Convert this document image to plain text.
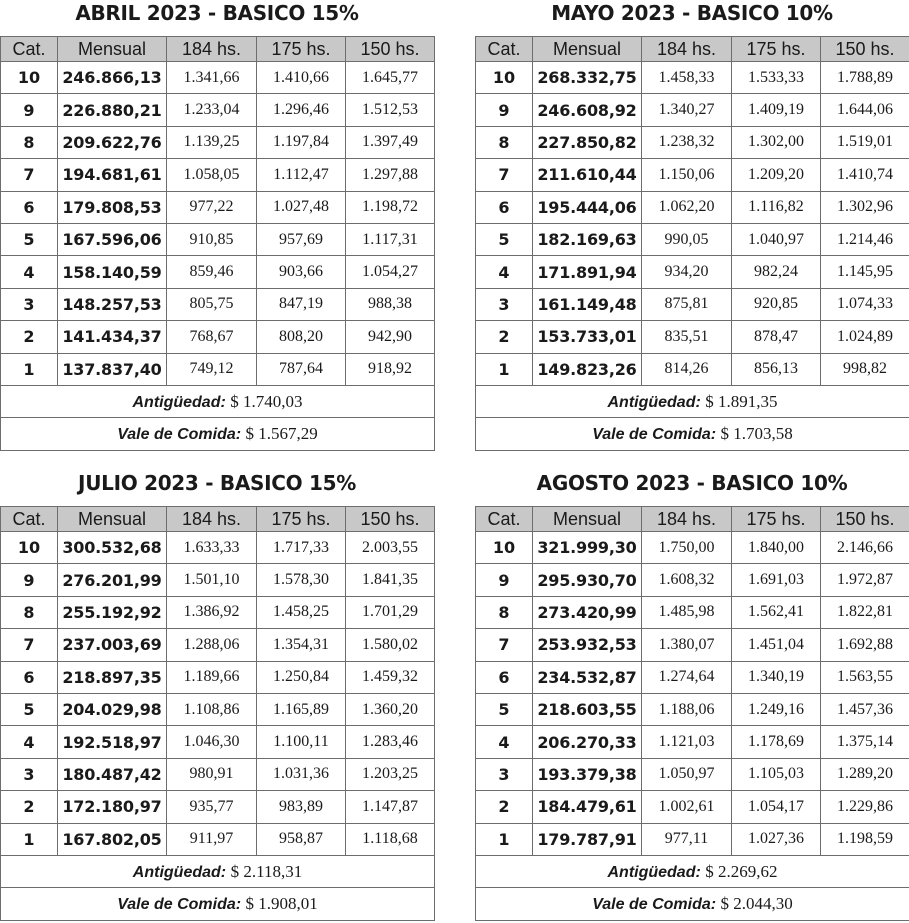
ABRIL 2023 - BASICO 15%
Cat.	Mensual	184 hs.	175 hs.	150 hs.
10	246.866,13	1.341,66	1.410,66	1.645,77
9	226.880,21	1.233,04	1.296,46	1.512,53
8	209.622,76	1.139,25	1.197,84	1.397,49
7	194.681,61	1.058,05	1.112,47	1.297,88
6	179.808,53	977,22	1.027,48	1.198,72
5	167.596,06	910,85	957,69	1.117,31
4	158.140,59	859,46	903,66	1.054,27
3	148.257,53	805,75	847,19	988,38
2	141.434,37	768,67	808,20	942,90
1	137.837,40	749,12	787,64	918,92
Antigüedad: $ 1.740,03				
Vale de Comida: $ 1.567,29				
MAYO 2023 - BASICO 10%
Cat.	Mensual	184 hs.	175 hs.	150 hs.
10	268.332,75	1.458,33	1.533,33	1.788,89
9	246.608,92	1.340,27	1.409,19	1.644,06
8	227.850,82	1.238,32	1.302,00	1.519,01
7	211.610,44	1.150,06	1.209,20	1.410,74
6	195.444,06	1.062,20	1.116,82	1.302,96
5	182.169,63	990,05	1.040,97	1.214,46
4	171.891,94	934,20	982,24	1.145,95
3	161.149,48	875,81	920,85	1.074,33
2	153.733,01	835,51	878,47	1.024,89
1	149.823,26	814,26	856,13	998,82
Antigüedad: $ 1.891,35				
Vale de Comida: $ 1.703,58				
JULIO 2023 - BASICO 15%
Cat.	Mensual	184 hs.	175 hs.	150 hs.
10	300.532,68	1.633,33	1.717,33	2.003,55
9	276.201,99	1.501,10	1.578,30	1.841,35
8	255.192,92	1.386,92	1.458,25	1.701,29
7	237.003,69	1.288,06	1.354,31	1.580,02
6	218.897,35	1.189,66	1.250,84	1.459,32
5	204.029,98	1.108,86	1.165,89	1.360,20
4	192.518,97	1.046,30	1.100,11	1.283,46
3	180.487,42	980,91	1.031,36	1.203,25
2	172.180,97	935,77	983,89	1.147,87
1	167.802,05	911,97	958,87	1.118,68
Antigüedad: $ 2.118,31				
Vale de Comida: $ 1.908,01				
AGOSTO 2023 - BASICO 10%
Cat.	Mensual	184 hs.	175 hs.	150 hs.
10	321.999,30	1.750,00	1.840,00	2.146,66
9	295.930,70	1.608,32	1.691,03	1.972,87
8	273.420,99	1.485,98	1.562,41	1.822,81
7	253.932,53	1.380,07	1.451,04	1.692,88
6	234.532,87	1.274,64	1.340,19	1.563,55
5	218.603,55	1.188,06	1.249,16	1.457,36
4	206.270,33	1.121,03	1.178,69	1.375,14
3	193.379,38	1.050,97	1.105,03	1.289,20
2	184.479,61	1.002,61	1.054,17	1.229,86
1	179.787,91	977,11	1.027,36	1.198,59
Antigüedad: $ 2.269,62				
Vale de Comida: $ 2.044,30				
